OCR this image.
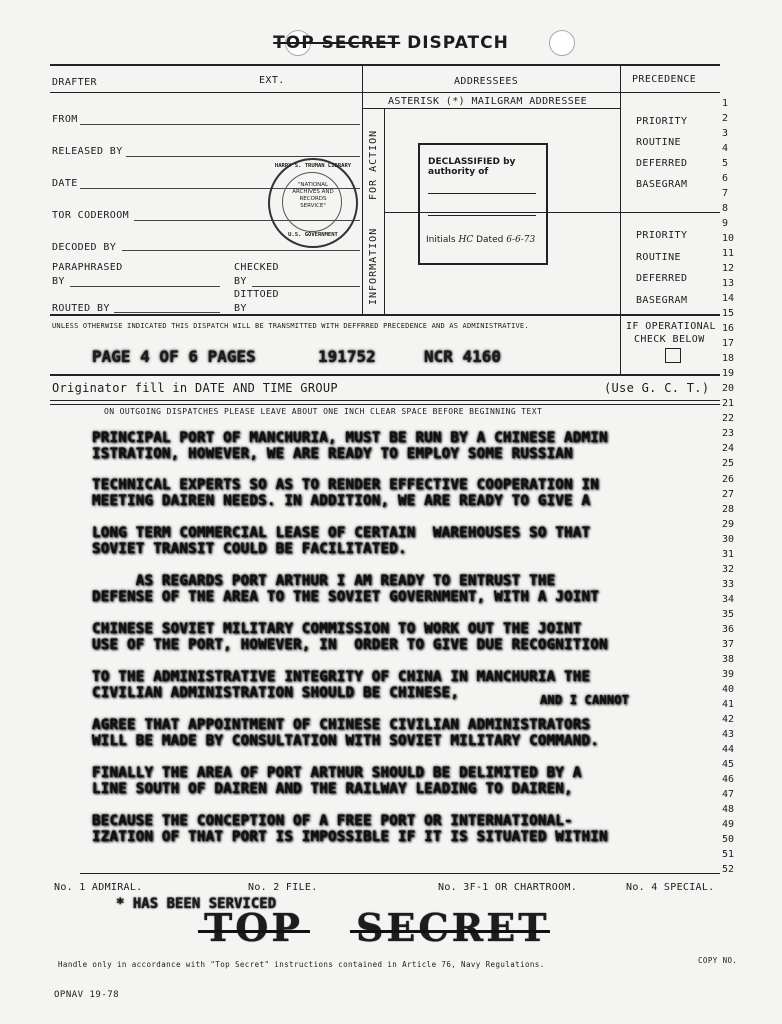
TOP SECRET DISPATCH
DRAFTER	EXT.	ADDRESSEES	PRECEDENCE
ASTERISK (*) MAILGRAM ADDRESSEE
FROM
RELEASED BY
DATE
TOR CODEROOM
DECODED BY
PARAPHRASED
BY
CHECKED
BY
DITTOED
BY
ROUTED BY
FOR ACTION
INFORMATION
HARRY S. TRUMAN LIBRARY
"NATIONAL
ARCHIVES AND
RECORDS
SERVICE"
U.S. GOVERNMENT
DECLASSIFIED by authority of
Initials HC Dated 6-6-73
PRIORITY
ROUTINE
DEFERRED
BASEGRAM
PRIORITY
ROUTINE
DEFERRED
BASEGRAM
UNLESS OTHERWISE INDICATED THIS DISPATCH WILL BE TRANSMITTED WITH DEFFRRED PRECEDENCE AND AS ADMINISTRATIVE.	IF OPERATIONAL
CHECK BELOW
PAGE 4 OF 6 PAGES	191752	NCR 4160
Originator fill in DATE AND TIME GROUP	(Use G. C. T.)
ON OUTGOING DISPATCHES PLEASE LEAVE ABOUT ONE INCH CLEAR SPACE BEFORE BEGINNING TEXT
1
2
3
4
5
6
7
8
9
10
11
12
13
14
15
16
17
18
19
20
21
22
23
24
25
26
27
28
29
30
31
32
33
34
35
36
37
38
39
40
41
42
43
44
45
46
47
48
49
50
51
52
PRINCIPAL PORT OF MANCHURIA, MUST BE RUN BY A CHINESE ADMIN
ISTRATION, HOWEVER, WE ARE READY TO EMPLOY SOME RUSSIAN
TECHNICAL EXPERTS SO AS TO RENDER EFFECTIVE COOPERATION IN
MEETING DAIREN NEEDS. IN ADDITION, WE ARE READY TO GIVE A
LONG TERM COMMERCIAL LEASE OF CERTAIN  WAREHOUSES SO THAT
SOVIET TRANSIT COULD BE FACILITATED.
AS REGARDS PORT ARTHUR I AM READY TO ENTRUST THE
DEFENSE OF THE AREA TO THE SOVIET GOVERNMENT, WITH A JOINT
CHINESE SOVIET MILITARY COMMISSION TO WORK OUT THE JOINT
USE OF THE PORT, HOWEVER, IN  ORDER TO GIVE DUE RECOGNITION
TO THE ADMINISTRATIVE INTEGRITY OF CHINA IN MANCHURIA THE
CIVILIAN ADMINISTRATION SHOULD BE CHINESE,	AND I CANNOT
AGREE THAT APPOINTMENT OF CHINESE CIVILIAN ADMINISTRATORS
WILL BE MADE BY CONSULTATION WITH SOVIET MILITARY COMMAND.
FINALLY THE AREA OF PORT ARTHUR SHOULD BE DELIMITED BY A
LINE SOUTH OF DAIREN AND THE RAILWAY LEADING TO DAIREN,
BECAUSE THE CONCEPTION OF A FREE PORT OR INTERNATIONAL-
IZATION OF THAT PORT IS IMPOSSIBLE IF IT IS SITUATED WITHIN
No. 1 ADMIRAL.	No. 2 FILE.	No. 3F-1 OR CHARTROOM.	No. 4 SPECIAL.
* HAS BEEN SERVICED
TOP SECRET
Handle only in accordance with "Top Secret" instructions contained in Article 76, Navy Regulations.	COPY NO.
OPNAV 19-78
